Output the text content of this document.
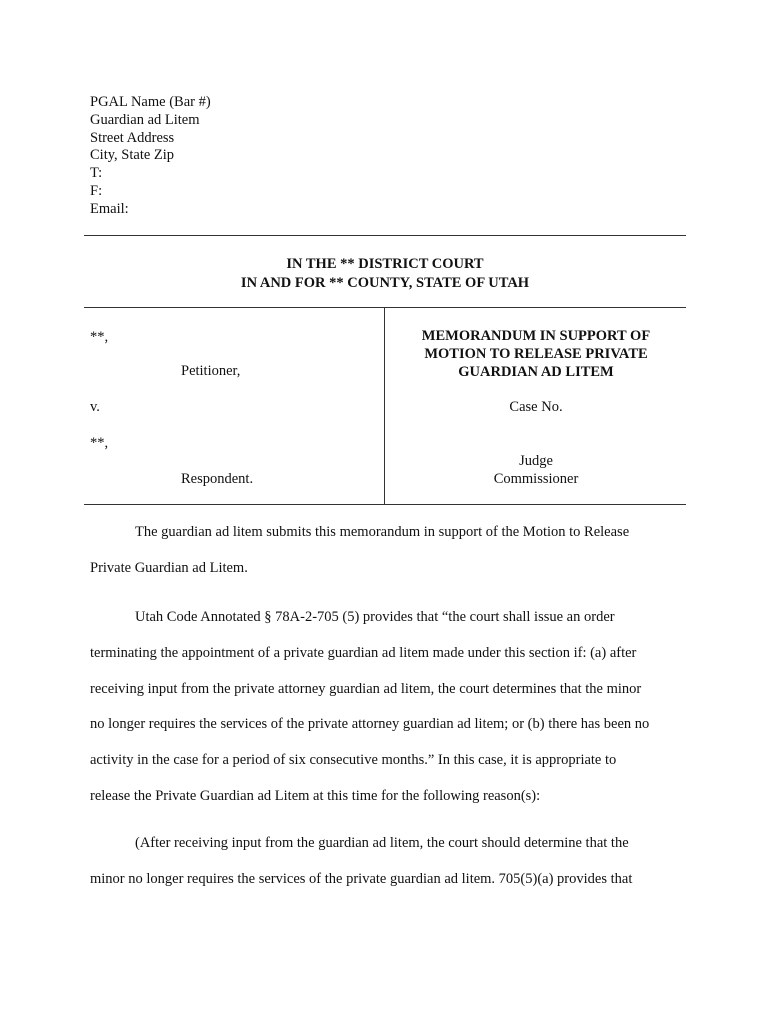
PGAL Name (Bar #)
Guardian ad Litem
Street Address
City, State Zip
T:
F:
Email:
IN THE ** DISTRICT COURT
IN AND FOR ** COUNTY, STATE OF UTAH
**,
Petitioner,
v.
**,
Respondent.
MEMORANDUM IN SUPPORT OF
MOTION TO RELEASE PRIVATE
GUARDIAN AD LITEM
Case No.
Judge
Commissioner
The guardian ad litem submits this memorandum in support of the Motion to Release
Private Guardian ad Litem.
Utah Code Annotated § 78A-2-705 (5) provides that “the court shall issue an order
terminating the appointment of a private guardian ad litem made under this section if: (a) after
receiving input from the private attorney guardian ad litem, the court determines that the minor
no longer requires the services of the private attorney guardian ad litem; or (b) there has been no
activity in the case for a period of six consecutive months.” In this case, it is appropriate to
release the Private Guardian ad Litem at this time for the following reason(s):
(After receiving input from the guardian ad litem, the court should determine that the
minor no longer requires the services of the private guardian ad litem. 705(5)(a) provides that
